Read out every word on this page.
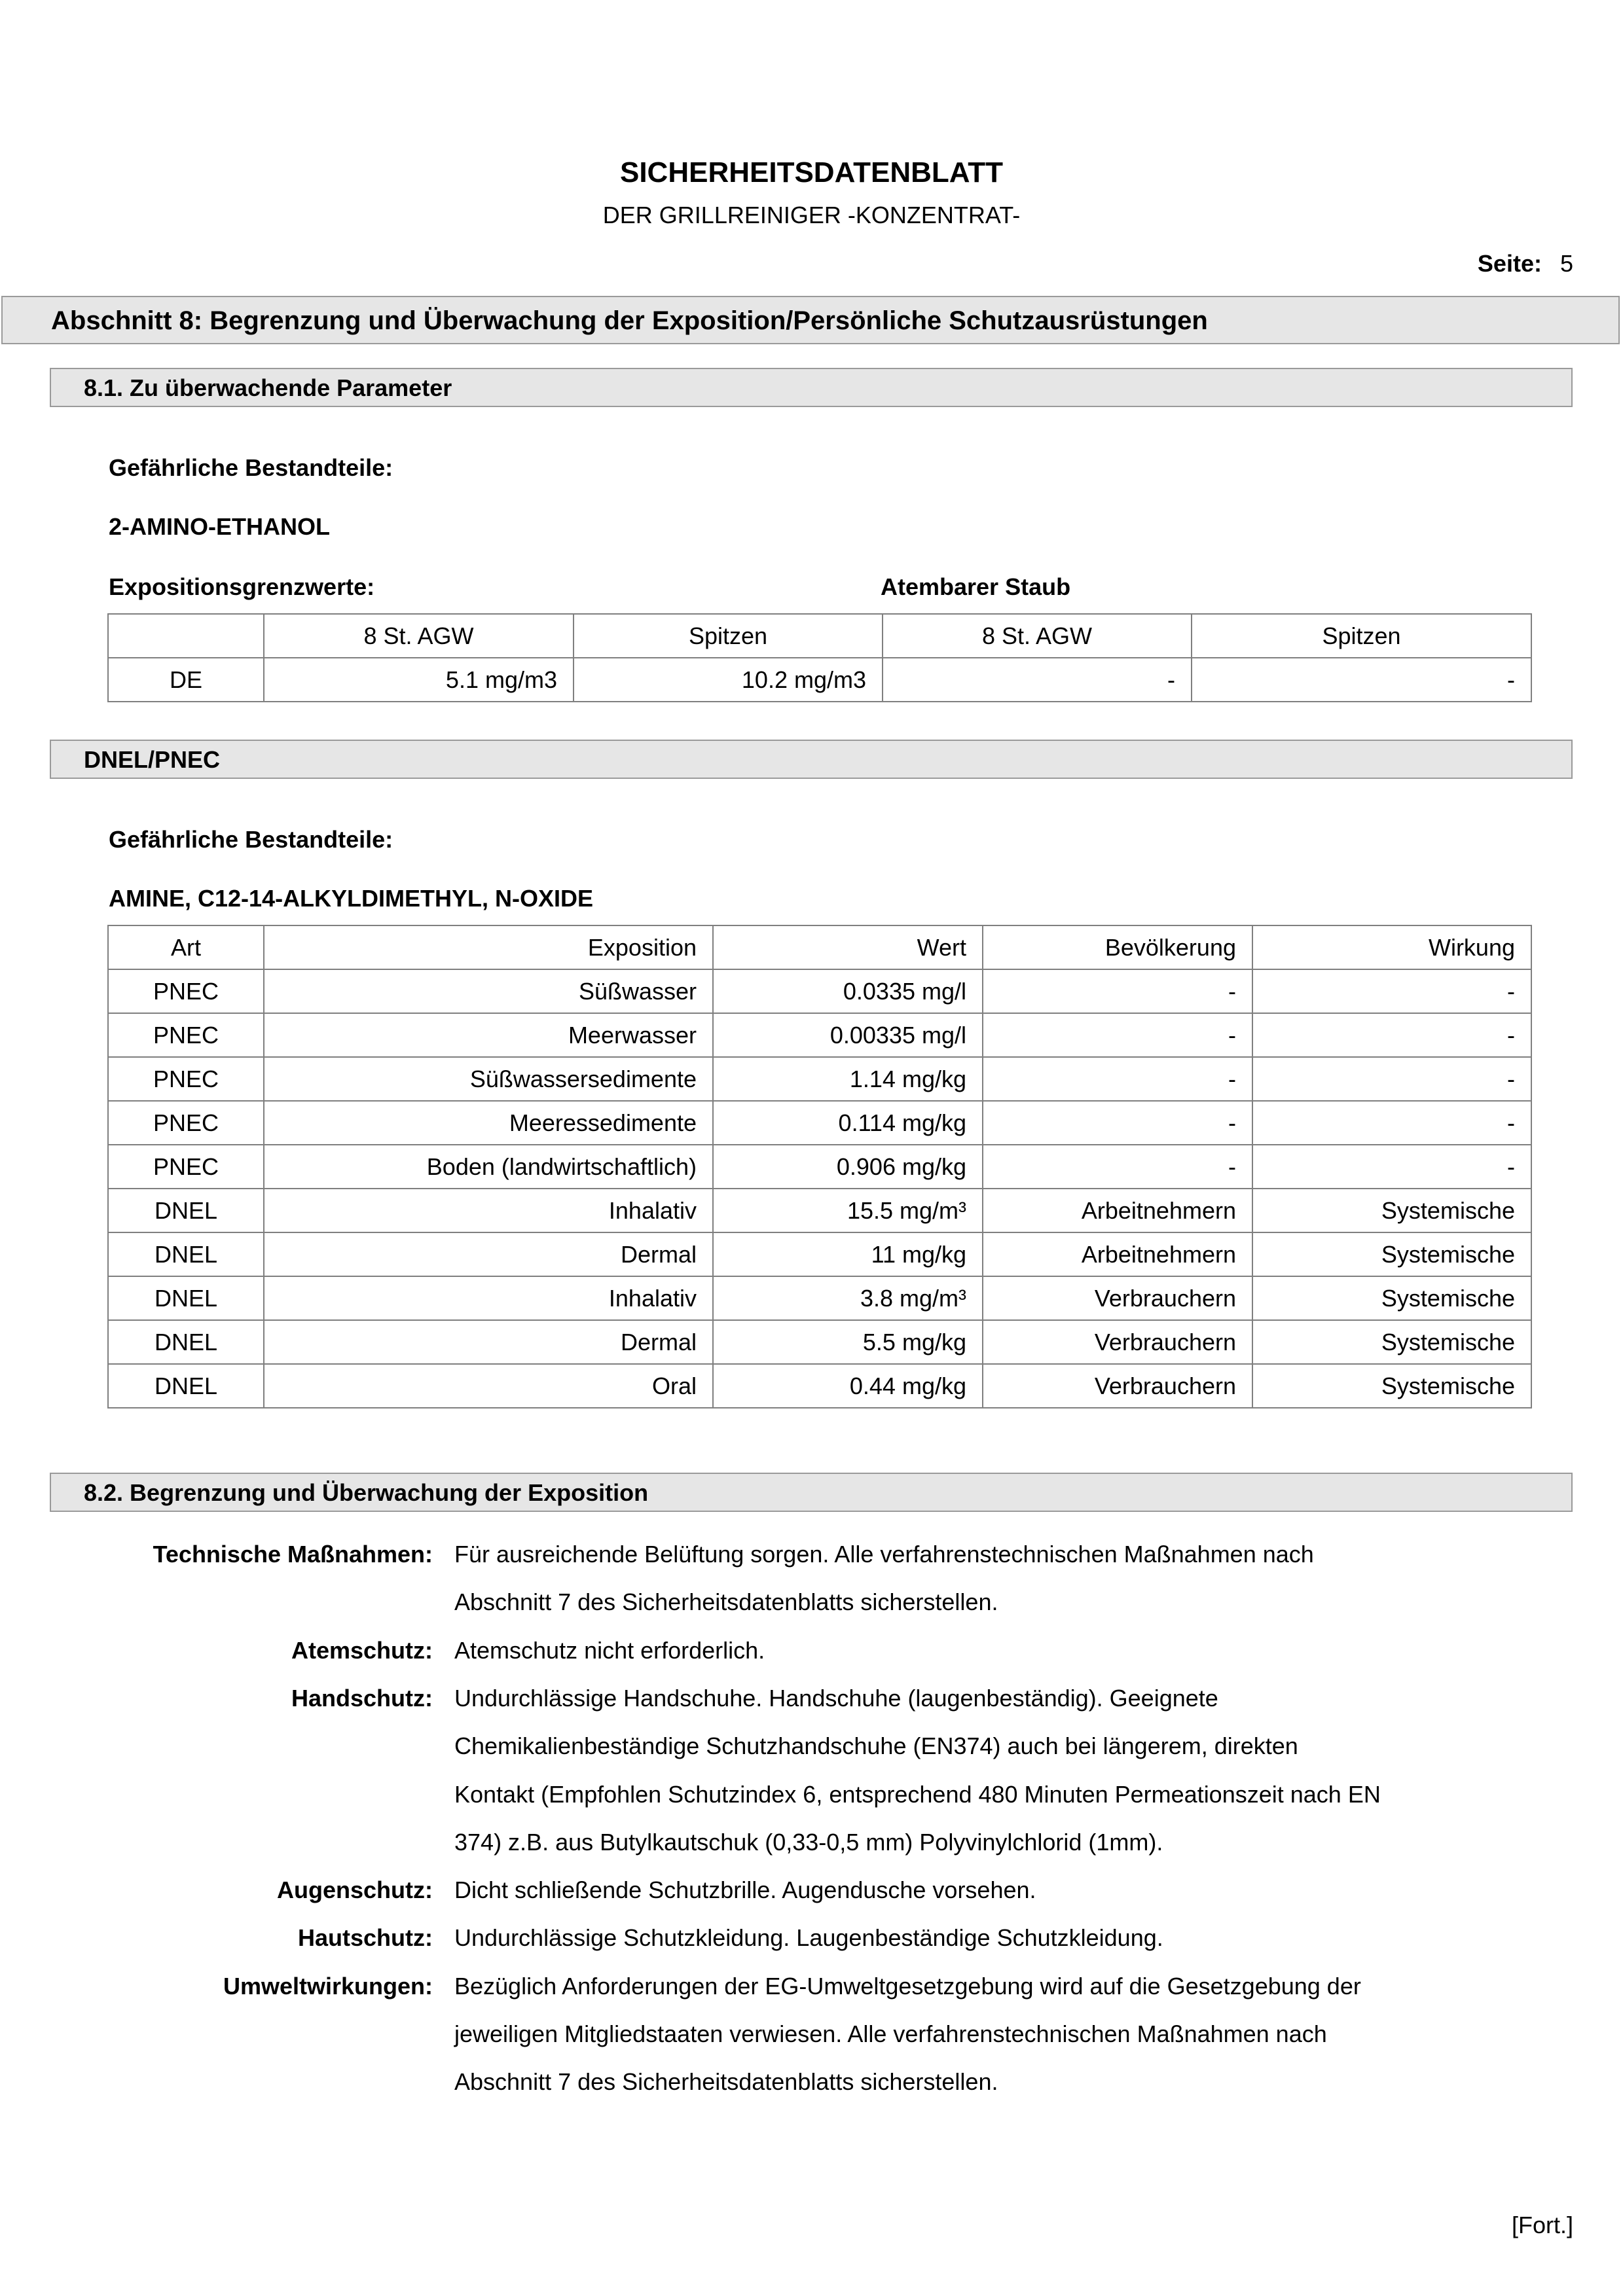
SICHERHEITSDATENBLATT
DER GRILLREINIGER -KONZENTRAT-
Seite: 5
Abschnitt 8: Begrenzung und Überwachung der Exposition/Persönliche Schutzausrüstungen
8.1. Zu überwachende Parameter
Gefährliche Bestandteile:
2-AMINO-ETHANOL
Expositionsgrenzwerte:	Atembarer Staub
	8 St. AGW	Spitzen	8 St. AGW	Spitzen
DE	5.1 mg/m3	10.2 mg/m3	-	-
DNEL/PNEC
Gefährliche Bestandteile:
AMINE, C12-14-ALKYLDIMETHYL, N-OXIDE
Art	Exposition	Wert	Bevölkerung	Wirkung
PNEC	Süßwasser	0.0335 mg/l	-	-
PNEC	Meerwasser	0.00335 mg/l	-	-
PNEC	Süßwassersedimente	1.14 mg/kg	-	-
PNEC	Meeressedimente	0.114 mg/kg	-	-
PNEC	Boden (landwirtschaftlich)	0.906 mg/kg	-	-
DNEL	Inhalativ	15.5 mg/m³	Arbeitnehmern	Systemische
DNEL	Dermal	11 mg/kg	Arbeitnehmern	Systemische
DNEL	Inhalativ	3.8 mg/m³	Verbrauchern	Systemische
DNEL	Dermal	5.5 mg/kg	Verbrauchern	Systemische
DNEL	Oral	0.44 mg/kg	Verbrauchern	Systemische
8.2. Begrenzung und Überwachung der Exposition
Technische Maßnahmen: Für ausreichende Belüftung sorgen. Alle verfahrenstechnischen Maßnahmen nach
Abschnitt 7 des Sicherheitsdatenblatts sicherstellen.
Atemschutz: Atemschutz nicht erforderlich.
Handschutz: Undurchlässige Handschuhe. Handschuhe (laugenbeständig). Geeignete
Chemikalienbeständige Schutzhandschuhe (EN374) auch bei längerem, direkten
Kontakt (Empfohlen Schutzindex 6, entsprechend 480 Minuten Permeationszeit nach EN
374) z.B. aus Butylkautschuk (0,33-0,5 mm) Polyvinylchlorid (1mm).
Augenschutz: Dicht schließende Schutzbrille. Augendusche vorsehen.
Hautschutz: Undurchlässige Schutzkleidung. Laugenbeständige Schutzkleidung.
Umweltwirkungen: Bezüglich Anforderungen der EG-Umweltgesetzgebung wird auf die Gesetzgebung der
jeweiligen Mitgliedstaaten verwiesen. Alle verfahrenstechnischen Maßnahmen nach
Abschnitt 7 des Sicherheitsdatenblatts sicherstellen.
[Fort.]
